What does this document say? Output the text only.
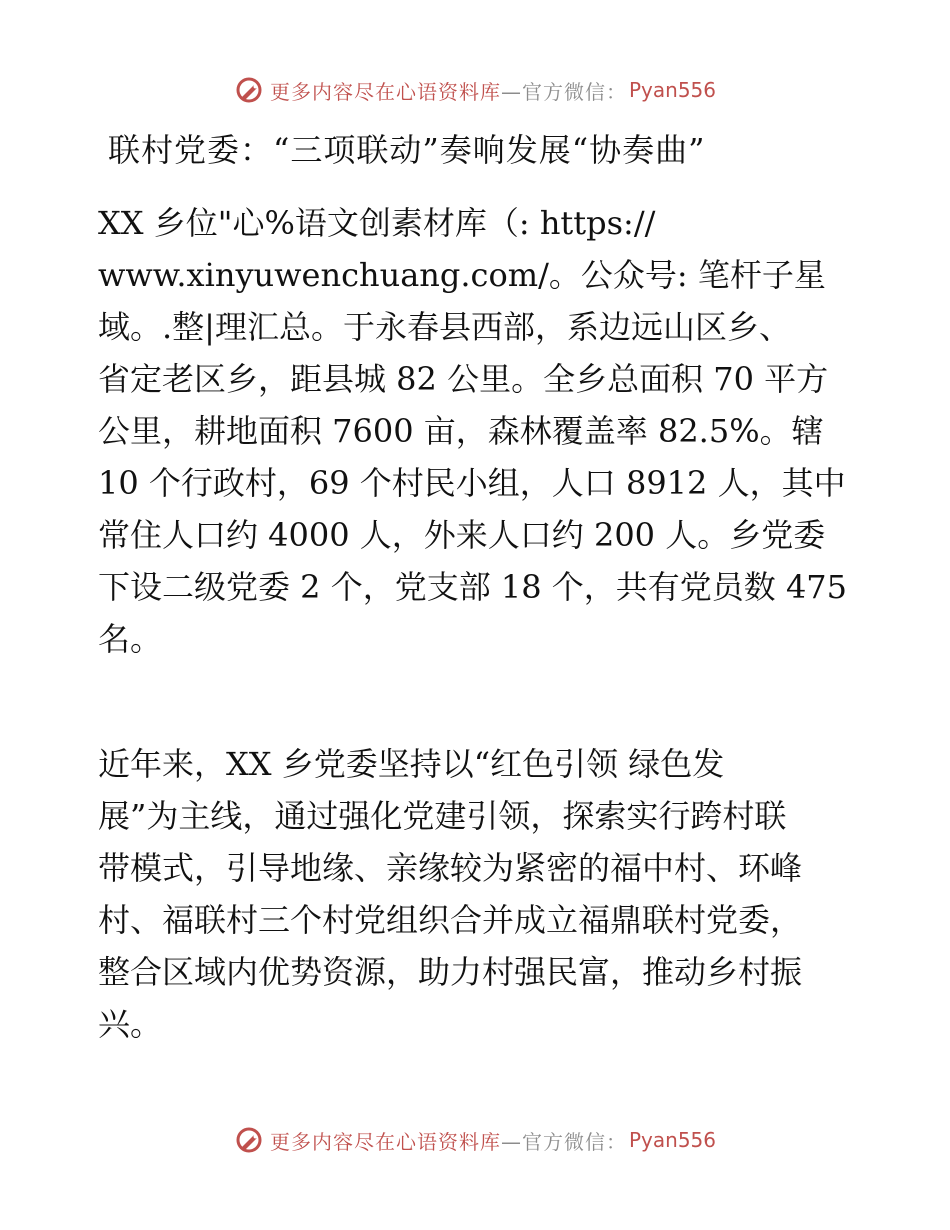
更多内容尽在心语资料库—官方微信： Pyan556
联村党委：“三项联动”奏响发展“协奏曲”
XX 乡位"心%语文创素材库（: https://
www.xinyuwenchuang.com/。公众号: 笔杆子星
域。.整|理汇总。于永春县西部，系边远山区乡、
省定老区乡，距县城 82 公里。全乡总面积 70 平方
公里，耕地面积 7600 亩，森林覆盖率 82.5%。辖
10 个行政村，69 个村民小组，人口 8912 人，其中
常住人口约 4000 人，外来人口约 200 人。乡党委
下设二级党委 2 个，党支部 18 个，共有党员数 475
名。
近年来，XX 乡党委坚持以“红色引领 绿色发
展”为主线，通过强化党建引领，探索实行跨村联
带模式，引导地缘、亲缘较为紧密的福中村、环峰
村、福联村三个村党组织合并成立福鼎联村党委，
整合区域内优势资源，助力村强民富，推动乡村振
兴。
更多内容尽在心语资料库—官方微信： Pyan556
